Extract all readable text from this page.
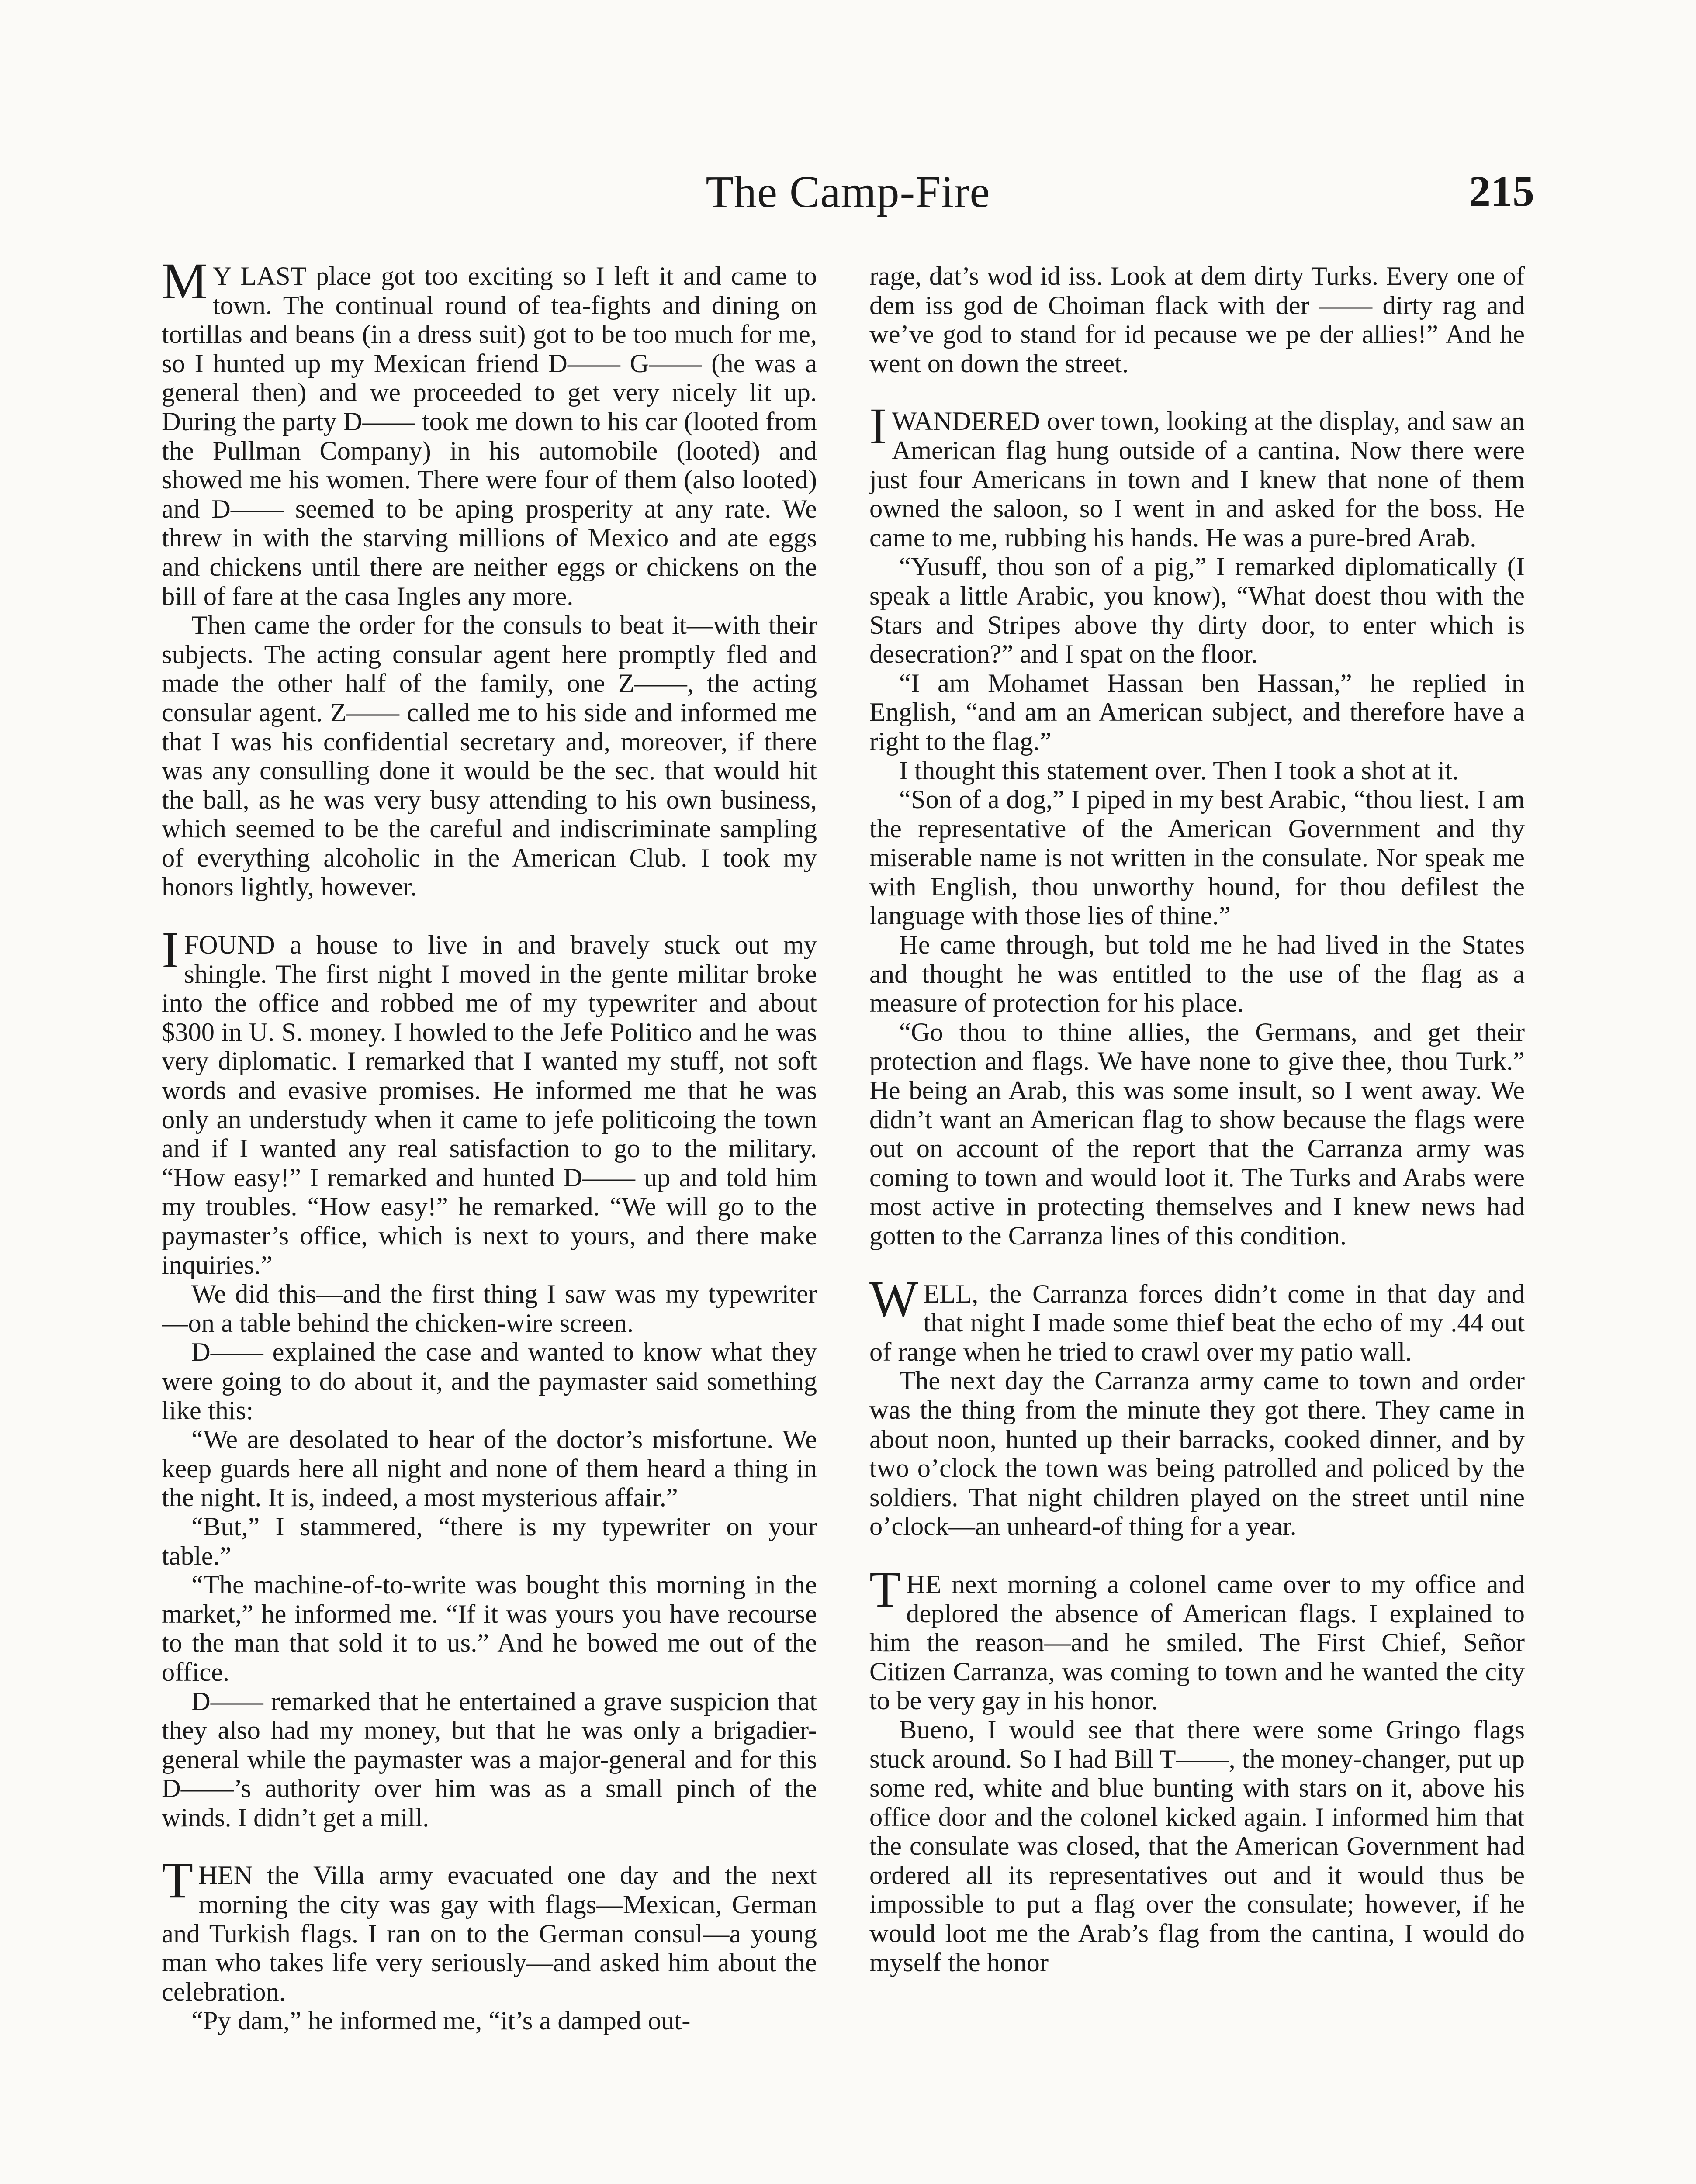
The Camp-Fire	215

M Y LAST place got too exciting so I left it and came to town. The continual round of tea-fights and dining on tortillas and beans (in a dress suit) got to be too much for me, so I hunted up my Mexican friend D—— G—— (he was a general then) and we proceeded to get very nicely lit up. During the party D—— took me down to his car (looted from the Pullman Company) in his automobile (looted) and showed me his women. There were four of them (also looted) and D—— seemed to be aping prosperity at any rate. We threw in with the starving millions of Mexico and ate eggs and chickens until there are neither eggs or chickens on the bill of fare at the casa Ingles any more.

Then came the order for the consuls to beat it—with their subjects. The acting consular agent here promptly fled and made the other half of the family, one Z——, the acting consular agent. Z—— called me to his side and informed me that I was his confidential secretary and, moreover, if there was any consulling done it would be the sec. that would hit the ball, as he was very busy attending to his own business, which seemed to be the careful and indiscriminate sampling of everything alcoholic in the American Club. I took my honors lightly, however.

IFOUND a house to live in and bravely stuck out my shingle. The first night I moved in the gente militar broke into the office and robbed me of my typewriter and about $300 in U. S. money. I howled to the Jefe Politico and he was very diplomatic. I remarked that I wanted my stuff, not soft words and evasive promises. He informed me that he was only an understudy when it came to jefe politicoing the town and if I wanted any real satisfaction to go to the military. “How easy!” I remarked and hunted D—— up and told him my troubles. “How easy!” he remarked. “We will go to the paymaster’s office, which is next to yours, and there make inquiries.”

We did this—and the first thing I saw was my typewriter—on a table behind the chicken-wire screen.

D—— explained the case and wanted to know what they were going to do about it, and the paymaster said something like this:

“We are desolated to hear of the doctor’s misfortune. We keep guards here all night and none of them heard a thing in the night. It is, indeed, a most mysterious affair.”

“But,” I stammered, “there is my typewriter on your table.”

“The machine-of-to-write was bought this morning in the market,” he informed me. “If it was yours you have recourse to the man that sold it to us.” And he bowed me out of the office.

D—— remarked that he entertained a grave suspicion that they also had my money, but that he was only a brigadier-general while the paymaster was a major-general and for this D——’s authority over him was as a small pinch of the winds. I didn’t get a mill.

THEN the Villa army evacuated one day and the next morning the city was gay with flags—Mexican, German and Turkish flags. I ran on to the German consul—a young man who takes life very seriously—and asked him about the celebration.

“Py dam,” he informed me, “it’s a damped out-

rage, dat’s wod id iss. Look at dem dirty Turks. Every one of dem iss god de Choiman flack with der —— dirty rag and we’ve god to stand for id pecause we pe der allies!” And he went on down the street.

IWANDERED over town, looking at the display, and saw an American flag hung outside of a cantina. Now there were just four Americans in town and I knew that none of them owned the saloon, so I went in and asked for the boss. He came to me, rubbing his hands. He was a pure-bred Arab.

“Yusuff, thou son of a pig,” I remarked diplomatically (I speak a little Arabic, you know), “What doest thou with the Stars and Stripes above thy dirty door, to enter which is desecration?” and I spat on the floor.

“I am Mohamet Hassan ben Hassan,” he replied in English, “and am an American subject, and therefore have a right to the flag.”

I thought this statement over. Then I took a shot at it.

“Son of a dog,” I piped in my best Arabic, “thou liest. I am the representative of the American Government and thy miserable name is not written in the consulate. Nor speak me with English, thou unworthy hound, for thou defilest the language with those lies of thine.”

He came through, but told me he had lived in the States and thought he was entitled to the use of the flag as a measure of protection for his place.

“Go thou to thine allies, the Germans, and get their protection and flags. We have none to give thee, thou Turk.” He being an Arab, this was some insult, so I went away. We didn’t want an American flag to show because the flags were out on account of the report that the Carranza army was coming to town and would loot it. The Turks and Arabs were most active in protecting themselves and I knew news had gotten to the Carranza lines of this condition.

WELL, the Carranza forces didn’t come in that day and that night I made some thief beat the echo of my .44 out of range when he tried to crawl over my patio wall.

The next day the Carranza army came to town and order was the thing from the minute they got there. They came in about noon, hunted up their barracks, cooked dinner, and by two o’clock the town was being patrolled and policed by the soldiers. That night children played on the street until nine o’clock—an unheard-of thing for a year.

THE next morning a colonel came over to my office and deplored the absence of American flags. I explained to him the reason—and he smiled. The First Chief, Señor Citizen Carranza, was coming to town and he wanted the city to be very gay in his honor.

Bueno, I would see that there were some Gringo flags stuck around. So I had Bill T——, the money-changer, put up some red, white and blue bunting with stars on it, above his office door and the colonel kicked again. I informed him that the consulate was closed, that the American Government had ordered all its representatives out and it would thus be impossible to put a flag over the consulate; however, if he would loot me the Arab’s flag from the cantina, I would do myself the honor
